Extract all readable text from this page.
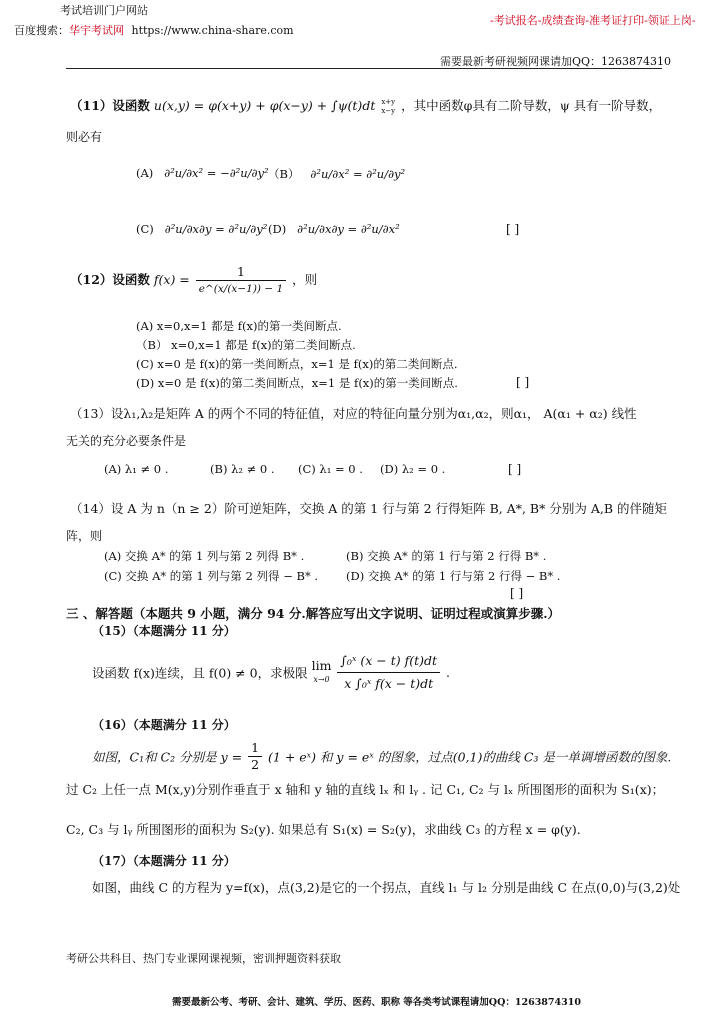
考试培训门户网站
百度搜索：华宇考试网 https://www.china-share.com
-考试报名-成绩查询-准考证打印-领证上岗-
需要最新考研视频网课请加QQ：1263874310
（11）设函数 u(x,y) = φ(x+y) + φ(x−y) + ∫ψ(t)dt x+y
x−y ，其中函数φ具有二阶导数，ψ 具有一阶导数，
则必有
(A) ∂²u/∂x² = −∂²u/∂y² （B） ∂²u/∂x² = ∂²u/∂y²
(C) ∂²u/∂x∂y = ∂²u/∂y² (D) ∂²u/∂x∂y = ∂²u/∂x²	[ ]
（12）设函数 $f(x) = \frac{1}{e\^{}(x/(x-1)) - 1}$ ，则
(A) x=0,x=1 都是 f(x)的第一类间断点.
（B） x=0,x=1 都是 f(x)的第二类间断点.
(C) x=0 是 f(x)的第一类间断点，x=1 是 f(x)的第二类间断点.
(D) x=0 是 f(x)的第二类间断点，x=1 是 f(x)的第一类间断点.	[ ]
（13）设λ₁,λ₂是矩阵 A 的两个不同的特征值，对应的特征向量分别为α₁,α₂，则α₁， A(α₁ + α₂) 线性
无关的充分必要条件是
(A) λ₁ ≠ 0 .	(B) λ₂ ≠ 0 . (C) λ₁ = 0 . (D) λ₂ = 0 .	[ ]
（14）设 A 为 n（n ≥ 2）阶可逆矩阵，交换 A 的第 1 行与第 2 行得矩阵 B, A*, B* 分别为 A,B 的伴随矩
阵，则
(A) 交换 A* 的第 1 列与第 2 列得 B* .	(B) 交换 A* 的第 1 行与第 2 行得 B* .
(C) 交换 A* 的第 1 列与第 2 列得 − B* . (D) 交换 A* 的第 1 行与第 2 行得 − B* .
[ ]
三 、解答题（本题共 9 小题，满分 94 分.解答应写出文字说明、证明过程或演算步骤.）
（15）（本题满分 11 分）
设函数 f(x)连续，且 f(0) ≠ 0，求极限
lim
x→0
$\frac{\text{∫₀ˣ (x − t) f(t)dt}}{\text{x ∫₀ˣ f(x − t)dt}}$ .
（16）（本题满分 11 分）
如图，C₁和 C₂ 分别是 $y = \frac{1}{2} (1$ + eˣ) 和 y = eˣ 的图象，过点(0,1)的曲线 C₃ 是一单调增函数的图象.
过 C₂ 上任一点 M(x,y)分别作垂直于 x 轴和 y 轴的直线 lₓ 和 lᵧ . 记 C₁, C₂ 与 lₓ 所围图形的面积为 S₁(x)；
C₂, C₃ 与 lᵧ 所围图形的面积为 S₂(y). 如果总有 S₁(x) = S₂(y)，求曲线 C₃ 的方程 x = φ(y).
（17）（本题满分 11 分）
如图，曲线 C 的方程为 y=f(x)，点(3,2)是它的一个拐点，直线 l₁ 与 l₂ 分别是曲线 C 在点(0,0)与(3,2)处
考研公共科目、热门专业课网课视频，密训押题资料获取
需要最新公考、考研、会计、建筑、学历、医药、职称 等各类考试课程请加QQ：1263874310
